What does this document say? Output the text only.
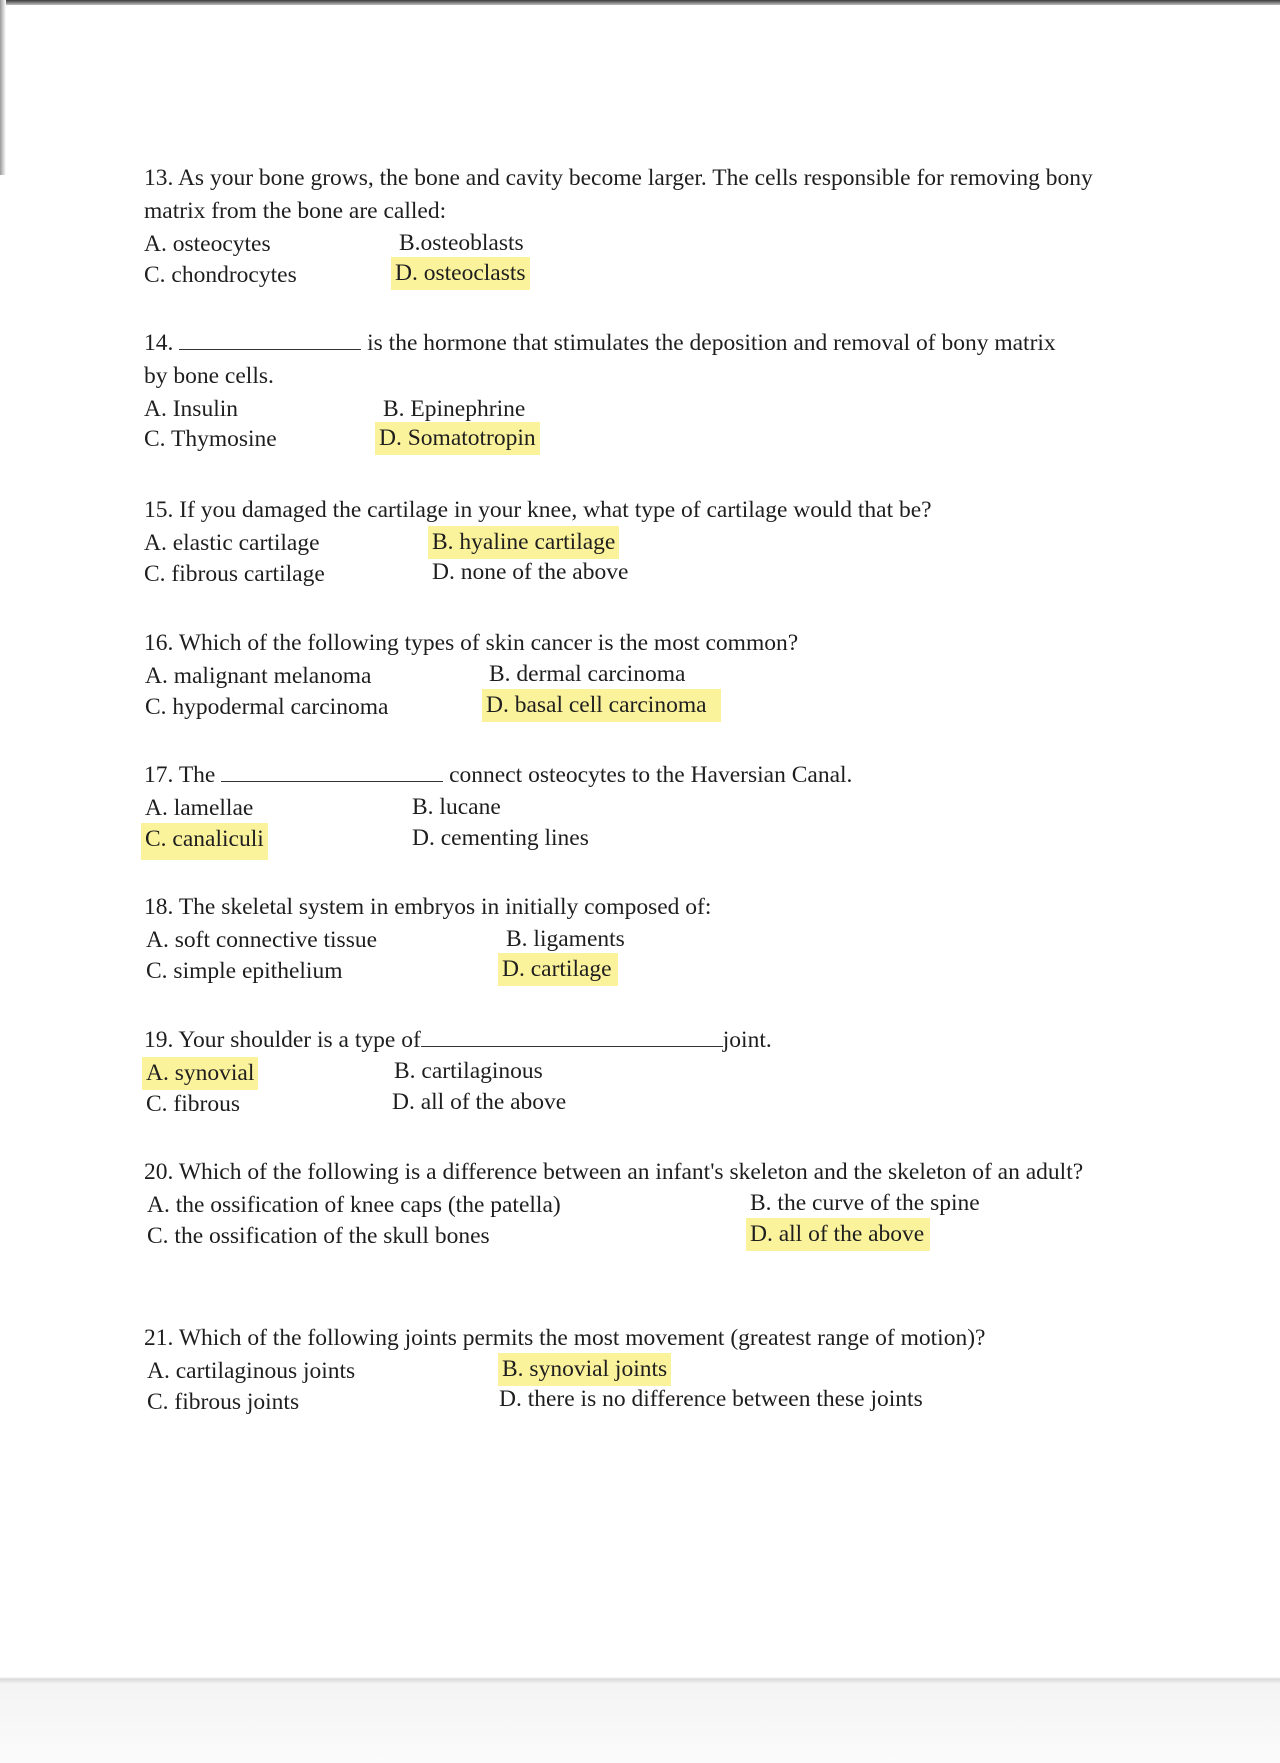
13. As your bone grows, the bone and cavity become larger. The cells responsible for removing bony matrix from the bone are called:

A. osteocytes	B.osteoblasts
C. chondrocytes	D. osteoclasts

14.	is the hormone that stimulates the deposition and removal of bony matrix

by bone cells.

A. Insulin	B. Epinephrine
C. Thymosine	D. Somatotropin

15. If you damaged the cartilage in your knee, what type of cartilage would that be?

A. elastic cartilage	B. hyaline cartilage
C. fibrous cartilage	D. none of the above

16. Which of the following types of skin cancer is the most common?

A. malignant melanoma	B. dermal carcinoma
C. hypodermal carcinoma	D. basal cell carcinoma

17. The	connect osteocytes to the Haversian Canal.

A. lamellae	B. lucane
C. canaliculi	D. cementing lines

18. The skeletal system in embryos in initially composed of:

A. soft connective tissue	B. ligaments
C. simple epithelium	D. cartilage

19. Your shoulder is a type of	joint.

A. synovial	B. cartilaginous
C. fibrous	D. all of the above

20. Which of the following is a difference between an infant's skeleton and the skeleton of an adult?

A. the ossification of knee caps (the patella)	B. the curve of the spine
C. the ossification of the skull bones	D. all of the above

21. Which of the following joints permits the most movement (greatest range of motion)?

A. cartilaginous joints	B. synovial joints
C. fibrous joints	D. there is no difference between these joints
